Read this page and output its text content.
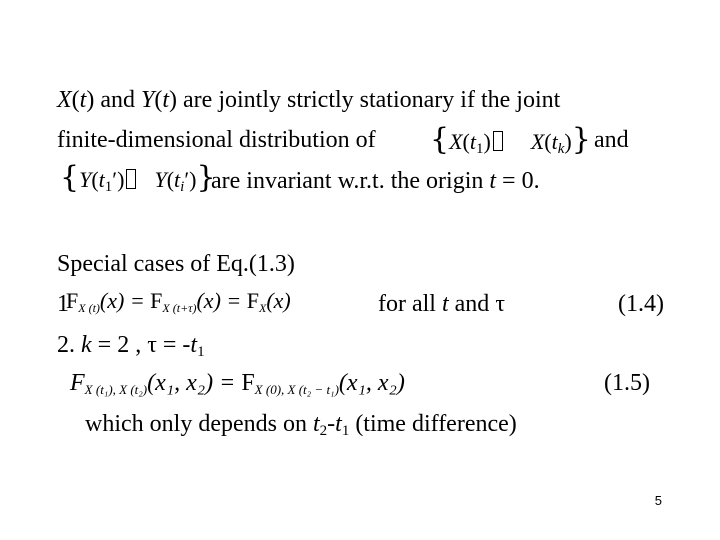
X(t) and Y(t) are jointly strictly stationary if the joint
finite-dimensional distribution of {$X(t_1)$ $X(t_k)$} and
{$Y(t_1')$ $Y(t_i')$}
are invariant w.r.t. the origin t = 0.
Special cases of Eq.(1.3)
1
$F_{X (t)}(x) = F_{X (t+\tau)}(x) = F_X(x)$	for all t and τ	(1.4)
2. k = 2 , $\tau = -t_1$
$F_{X (t_1), X (t_2)}(x_1$, $x_2) = F_{X (0), X (t_2 - t_1)}(x_1$, x₂)	(1.5)
which only depends on $t_2-t_1$ (time difference)
5
